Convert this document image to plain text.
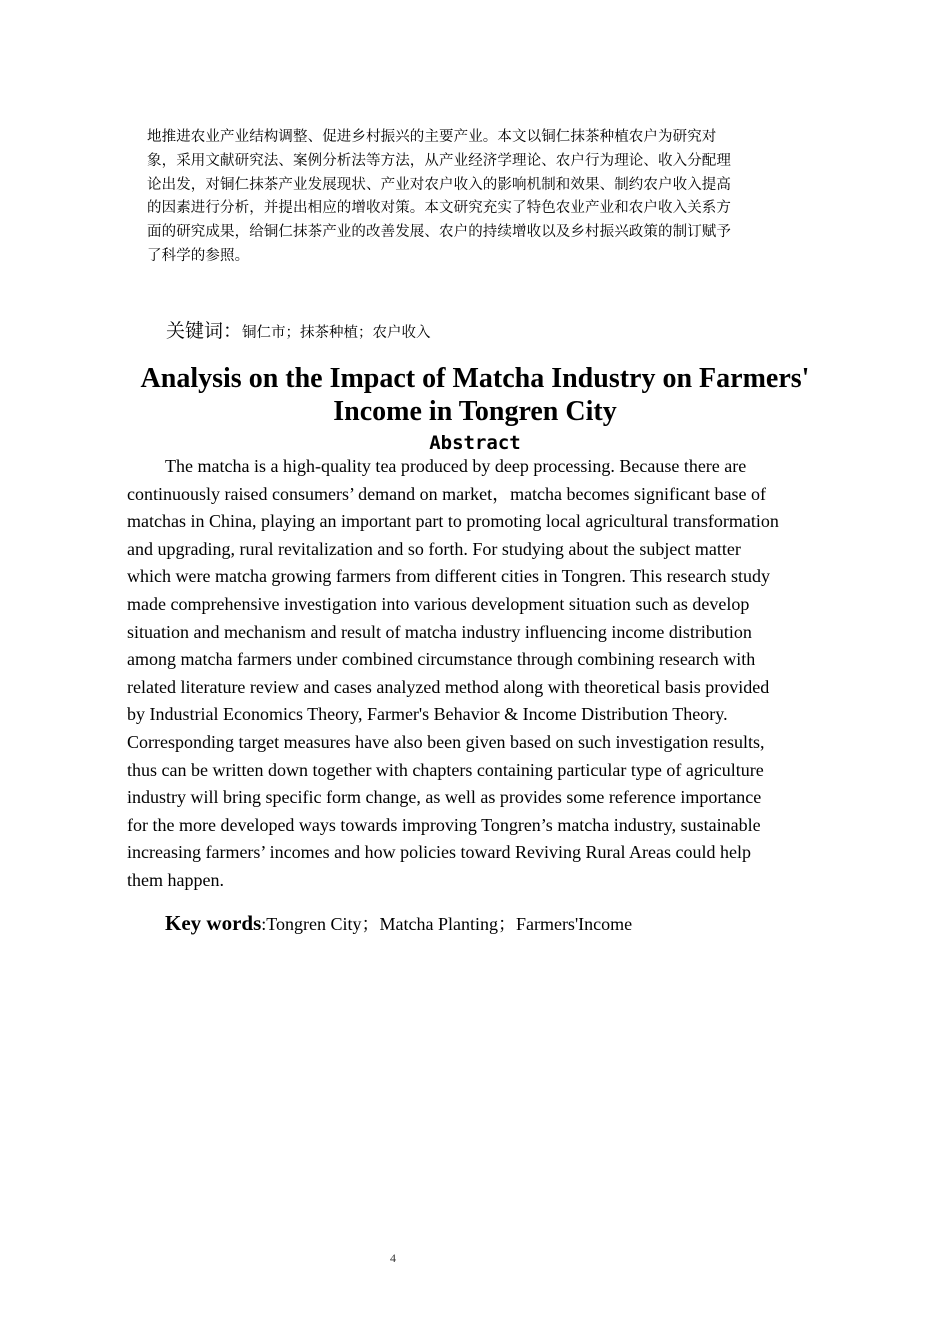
地推进农业产业结构调整、促进乡村振兴的主要产业。本文以铜仁抹茶种植农户为研究对
象，采用文献研究法、案例分析法等方法，从产业经济学理论、农户行为理论、收入分配理
论出发，对铜仁抹茶产业发展现状、产业对农户收入的影响机制和效果、制约农户收入提高
的因素进行分析，并提出相应的增收对策。本文研究充实了特色农业产业和农户收入关系方
面的研究成果，给铜仁抹茶产业的改善发展、农户的持续增收以及乡村振兴政策的制订赋予
了科学的参照。
关键词：铜仁市；抹茶种植；农户收入
Analysis on the Impact of Matcha Industry on Farmers'
Income in Tongren City
Abstract
The matcha is a high-quality tea produced by deep processing. Because there are
continuously raised consumers’ demand on market，matcha becomes significant base of
matchas in China, playing an important part to promoting local agricultural transformation
and upgrading, rural revitalization and so forth. For studying about the subject matter
which were matcha growing farmers from different cities in Tongren. This research study
made comprehensive investigation into various development situation such as develop
situation and mechanism and result of matcha industry influencing income distribution
among matcha farmers under combined circumstance through combining research with
related literature review and cases analyzed method along with theoretical basis provided
by Industrial Economics Theory, Farmer's Behavior & Income Distribution Theory.
Corresponding target measures have also been given based on such investigation results,
thus can be written down together with chapters containing particular type of agriculture
industry will bring specific form change, as well as provides some reference importance
for the more developed ways towards improving Tongren’s matcha industry, sustainable
increasing farmers’ incomes and how policies toward Reviving Rural Areas could help
them happen.
Key words:Tongren City；Matcha Planting；Farmers'Income
4
